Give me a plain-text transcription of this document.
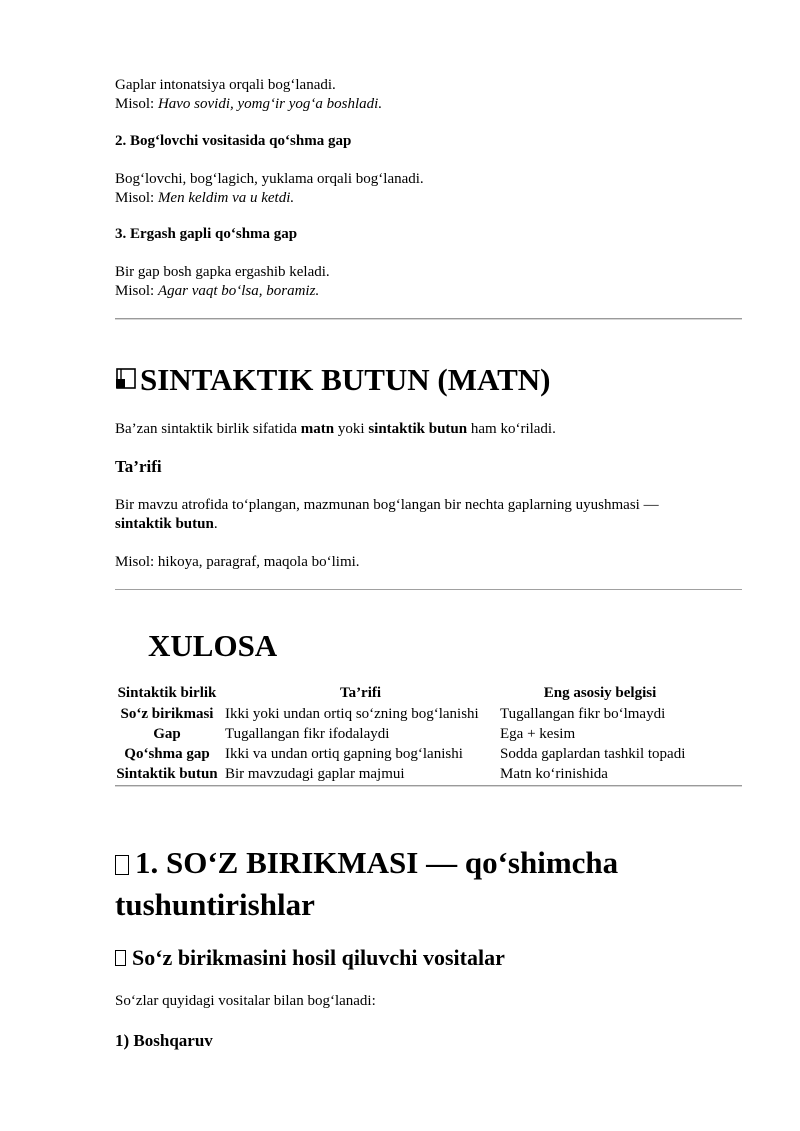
Gaplar intonatsiya orqali bog‘lanadi.
Misol: Havo sovidi, yomg‘ir yog‘a boshladi.
2. Bog‘lovchi vositasida qo‘shma gap
Bog‘lovchi, bog‘lagich, yuklama orqali bog‘lanadi.
Misol: Men keldim va u ketdi.
3. Ergash gapli qo‘shma gap
Bir gap bosh gapka ergashib keladi.
Misol: Agar vaqt bo‘lsa, boramiz.
SINTAKTIK BUTUN (MATN)
Ba’zan sintaktik birlik sifatida matn yoki sintaktik butun ham ko‘riladi.
Ta’rifi
Bir mavzu atrofida to‘plangan, mazmunan bog‘langan bir nechta gaplarning uyushmasi —
sintaktik butun.
Misol: hikoya, paragraf, maqola bo‘limi.
XULOSA
Sintaktik birlik	Ta’rifi	Eng asosiy belgisi
So‘z birikmasi	Ikki yoki undan ortiq so‘zning bog‘lanishi	Tugallangan fikr bo‘lmaydi
Gap	Tugallangan fikr ifodalaydi	Ega + kesim
Qo‘shma gap	Ikki va undan ortiq gapning bog‘lanishi	Sodda gaplardan tashkil topadi
Sintaktik butun	Bir mavzudagi gaplar majmui	Matn ko‘rinishida
1. SO‘Z BIRIKMASI — qo‘shimcha
tushuntirishlar
So‘z birikmasini hosil qiluvchi vositalar
So‘zlar quyidagi vositalar bilan bog‘lanadi:
1) Boshqaruv
